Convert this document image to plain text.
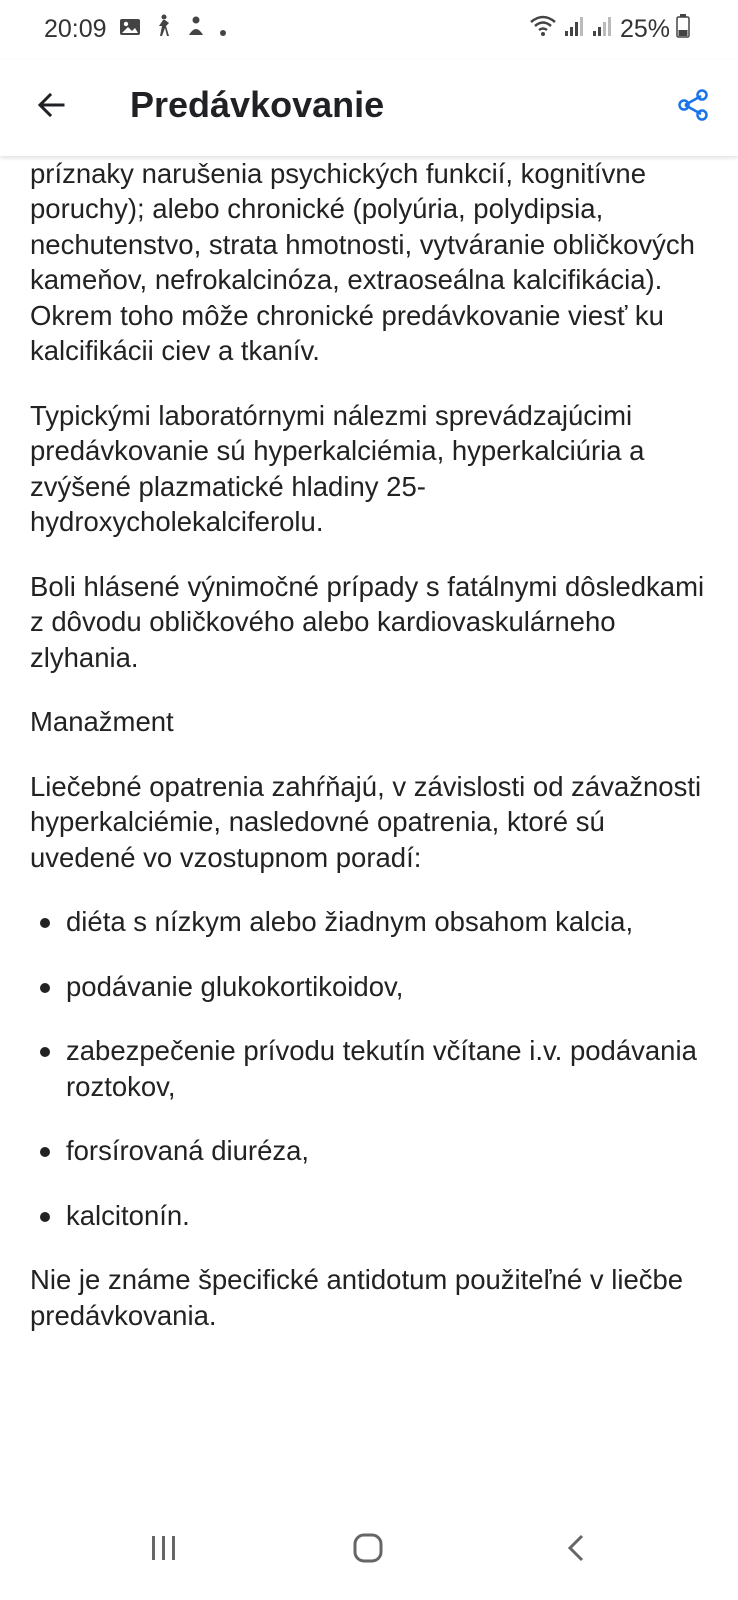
20:09	25%
Predávkovanie

príznaky narušenia psychických funkcií, kognitívne poruchy); alebo chronické (polyúria, polydipsia, nechutenstvo, strata hmotnosti, vytváranie obličkových kameňov, nefrokalcinóza, extraoseálna kalcifikácia). Okrem toho môže chronické predávkovanie viesť ku kalcifikácii ciev a tkanív.

Typickými laboratórnymi nálezmi sprevádzajúcimi predávkovanie sú hyperkalciémia, hyperkalciúria a zvýšené plazmatické hladiny 25-hydroxycholekalciferolu.

Boli hlásené výnimočné prípady s fatálnymi dôsledkami z dôvodu obličkového alebo kardiovaskulárneho zlyhania.

Manažment

Liečebné opatrenia zahŕňajú, v závislosti od závažnosti hyperkalciémie, nasledovné opatrenia, ktoré sú uvedené vo vzostupnom poradí:

diéta s nízkym alebo žiadnym obsahom kalcia,
podávanie glukokortikoidov,
zabezpečenie prívodu tekutín včítane i.v. podávania roztokov,
forsírovaná diuréza,
kalcitonín.

Nie je známe špecifické antidotum použiteľné v liečbe predávkovania.
